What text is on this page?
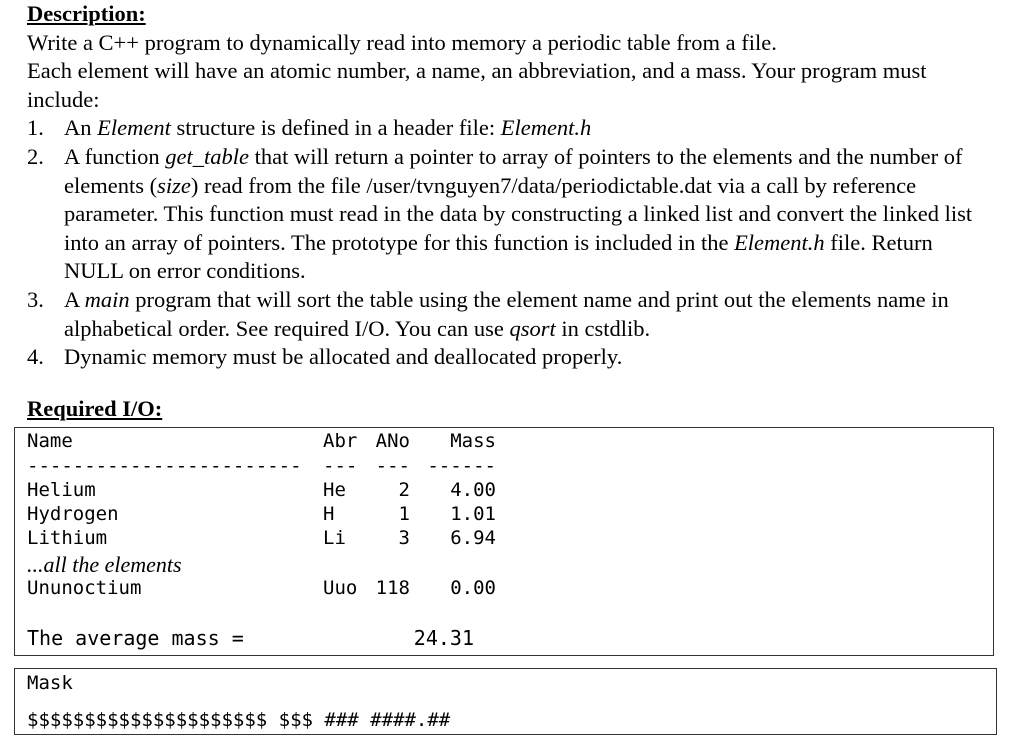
Description:
Write a C++ program to dynamically read into memory a periodic table from a file.
Each element will have an atomic number, a name, an abbreviation, and a mass. Your program must include:
1. An Element structure is defined in a header file: Element.h
2. A function get_table that will return a pointer to array of pointers to the elements and the number of elements (size) read from the file /user/tvnguyen7/data/periodictable.dat via a call by reference parameter. This function must read in the data by constructing a linked list and convert the linked list into an array of pointers. The prototype for this function is included in the Element.h file. Return NULL on error conditions.
3. A main program that will sort the table using the element name and print out the elements name in alphabetical order. See required I/O. You can use qsort in cstdlib.
4. Dynamic memory must be allocated and deallocated properly.
Required I/O:
Name	Abr ANo	Mass
------------------------ --- --- ------
Helium	He	2	4.00
Hydrogen	H	1	1.01
Lithium	Li	3	6.94
...all the elements
Ununoctium	Uuo 118	0.00
The average mass =	24.31
Mask
$$$$$$$$$$$$$$$$$$$$$ $$$ ### ####.##
